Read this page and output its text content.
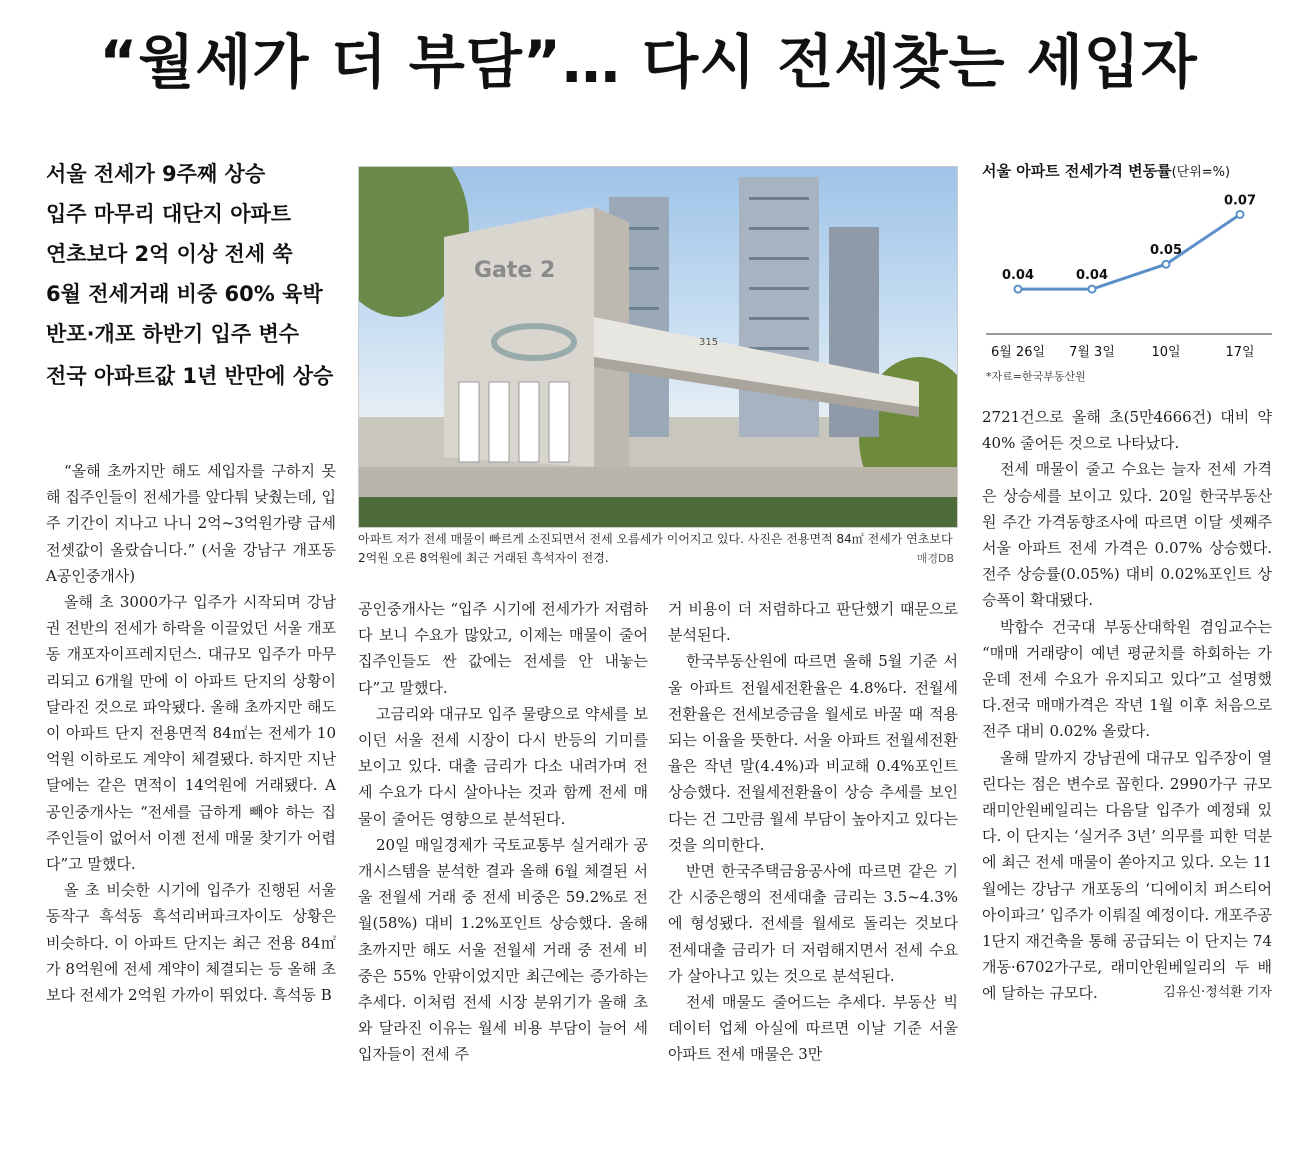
“월세가 더 부담”… 다시 전세찾는 세입자
서울 전세가 9주째 상승
입주 마무리 대단지 아파트
연초보다 2억 이상 전세 쑥
6월 전세거래 비중 60% 육박
반포·개포 하반기 입주 변수
전국 아파트값 1년 반만에 상승

“올해 초까지만 해도 세입자를 구하지 못해 집주인들이 전세가를 앞다퉈 낮췄는데, 입주 기간이 지나고 나니 2억~3억원가량 급세 전셋값이 올랐습니다.” (서울 강남구 개포동 A공인중개사)

올해 초 3000가구 입주가 시작되며 강남권 전반의 전세가 하락을 이끌었던 서울 개포동 개포자이프레지던스. 대규모 입주가 마무리되고 6개월 만에 이 아파트 단지의 상황이 달라진 것으로 파악됐다. 올해 초까지만 해도 이 아파트 단지 전용면적 84㎡는 전세가 10억원 이하로도 계약이 체결됐다. 하지만 지난달에는 같은 면적이 14억원에 거래됐다. A공인중개사는 “전세를 급하게 빼야 하는 집주인들이 없어서 이젠 전세 매물 찾기가 어렵다”고 말했다.

올 초 비슷한 시기에 입주가 진행된 서울 동작구 흑석동 흑석리버파크자이도 상황은 비슷하다. 이 아파트 단지는 최근 전용 84㎡가 8억원에 전세 계약이 체결되는 등 올해 초보다 전세가 2억원 가까이 뛰었다. 흑석동 B

Gate 2
315
아파트 저가 전세 매물이 빠르게 소진되면서 전세 오름세가 이어지고 있다. 사진은 전용면적 84㎡ 전세가 연초보다 2억원 오른 8억원에 최근 거래된 흑석자이 전경.	매경DB

공인중개사는 “입주 시기에 전세가가 저렴하다 보니 수요가 많았고, 이제는 매물이 줄어 집주인들도 싼 값에는 전세를 안 내놓는다”고 말했다.

고금리와 대규모 입주 물량으로 약세를 보이던 서울 전세 시장이 다시 반등의 기미를 보이고 있다. 대출 금리가 다소 내려가며 전세 수요가 다시 살아나는 것과 함께 전세 매물이 줄어든 영향으로 분석된다.

20일 매일경제가 국토교통부 실거래가 공개시스템을 분석한 결과 올해 6월 체결된 서울 전월세 거래 중 전세 비중은 59.2%로 전월(58%) 대비 1.2%포인트 상승했다. 올해 초까지만 해도 서울 전월세 거래 중 전세 비중은 55% 안팎이었지만 최근에는 증가하는 추세다. 이처럼 전세 시장 분위기가 올해 초와 달라진 이유는 월세 비용 부담이 늘어 세입자들이 전세 주

거 비용이 더 저렴하다고 판단했기 때문으로 분석된다.

한국부동산원에 따르면 올해 5월 기준 서울 아파트 전월세전환율은 4.8%다. 전월세전환율은 전세보증금을 월세로 바꿀 때 적용되는 이율을 뜻한다. 서울 아파트 전월세전환율은 작년 말(4.4%)과 비교해 0.4%포인트 상승했다. 전월세전환율이 상승 추세를 보인다는 건 그만큼 월세 부담이 높아지고 있다는 것을 의미한다.

반면 한국주택금융공사에 따르면 같은 기간 시중은행의 전세대출 금리는 3.5~4.3%에 형성됐다. 전세를 월세로 돌리는 것보다 전세대출 금리가 더 저렴해지면서 전세 수요가 살아나고 있는 것으로 분석된다.

전세 매물도 줄어드는 추세다. 부동산 빅데이터 업체 아실에 따르면 이날 기준 서울 아파트 전세 매물은 3만

서울 아파트 전세가격 변동률(단위=%)
0.04
6월 26일
0.04
7월 3일
0.05
10일
0.07
17일
*자료=한국부동산원

2721건으로 올해 초(5만4666건) 대비 약 40% 줄어든 것으로 나타났다.

전세 매물이 줄고 수요는 늘자 전세 가격은 상승세를 보이고 있다. 20일 한국부동산원 주간 가격동향조사에 따르면 이달 셋째주 서울 아파트 전세 가격은 0.07% 상승했다. 전주 상승률(0.05%) 대비 0.02%포인트 상승폭이 확대됐다.

박합수 건국대 부동산대학원 겸임교수는 “매매 거래량이 예년 평균치를 하회하는 가운데 전세 수요가 유지되고 있다”고 설명했다.전국 매매가격은 작년 1월 이후 처음으로 전주 대비 0.02% 올랐다.

올해 말까지 강남권에 대규모 입주장이 열린다는 점은 변수로 꼽힌다. 2990가구 규모 래미안원베일리는 다음달 입주가 예정돼 있다. 이 단지는 ‘실거주 3년’ 의무를 피한 덕분에 최근 전세 매물이 쏟아지고 있다. 오는 11월에는 강남구 개포동의 ‘디에이치 퍼스티어 아이파크’ 입주가 이뤄질 예정이다. 개포주공1단지 재건축을 통해 공급되는 이 단지는 74개동·6702가구로, 래미안원베일리의 두 배에 달하는 규모다.	김유신·정석환 기자
